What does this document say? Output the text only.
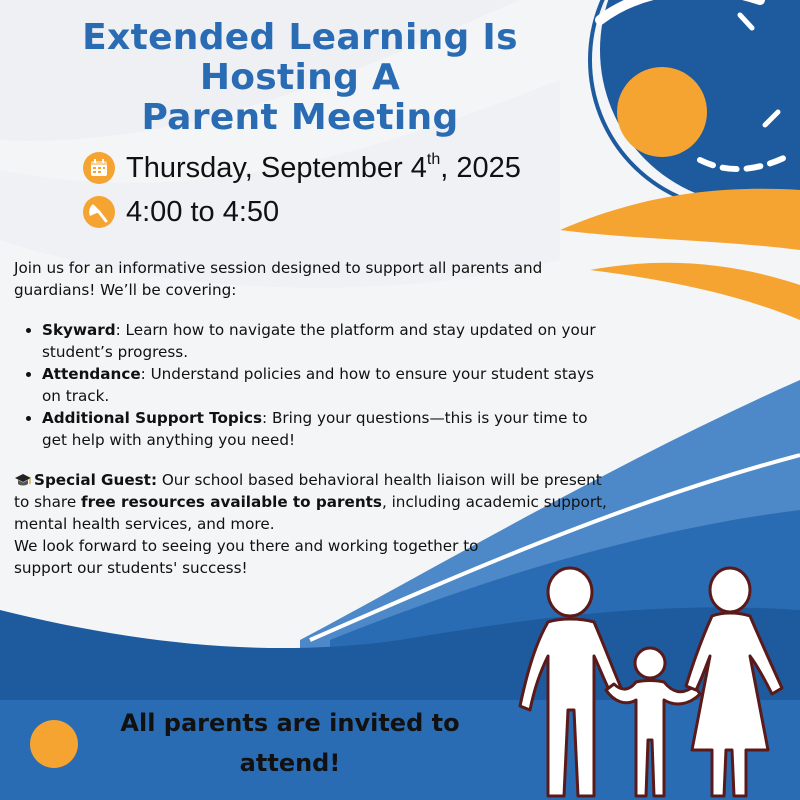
Extended Learning Is
Hosting A
Parent Meeting
Thursday, September 4th, 2025
4:00 to 4:50

Join us for an informative session designed to support all parents and guardians! We’ll be covering:

• Skyward: Learn how to navigate the platform and stay updated on your student’s progress.
• Attendance: Understand policies and how to ensure your student stays on track.
• Additional Support Topics: Bring your questions—this is your time to get help with anything you need!

Special Guest: Our school based behavioral health liaison will be present to share free resources available to parents, including academic support, mental health services, and more.

We look forward to seeing you there and working together to support our students' success!

All parents are invited to
attend!
